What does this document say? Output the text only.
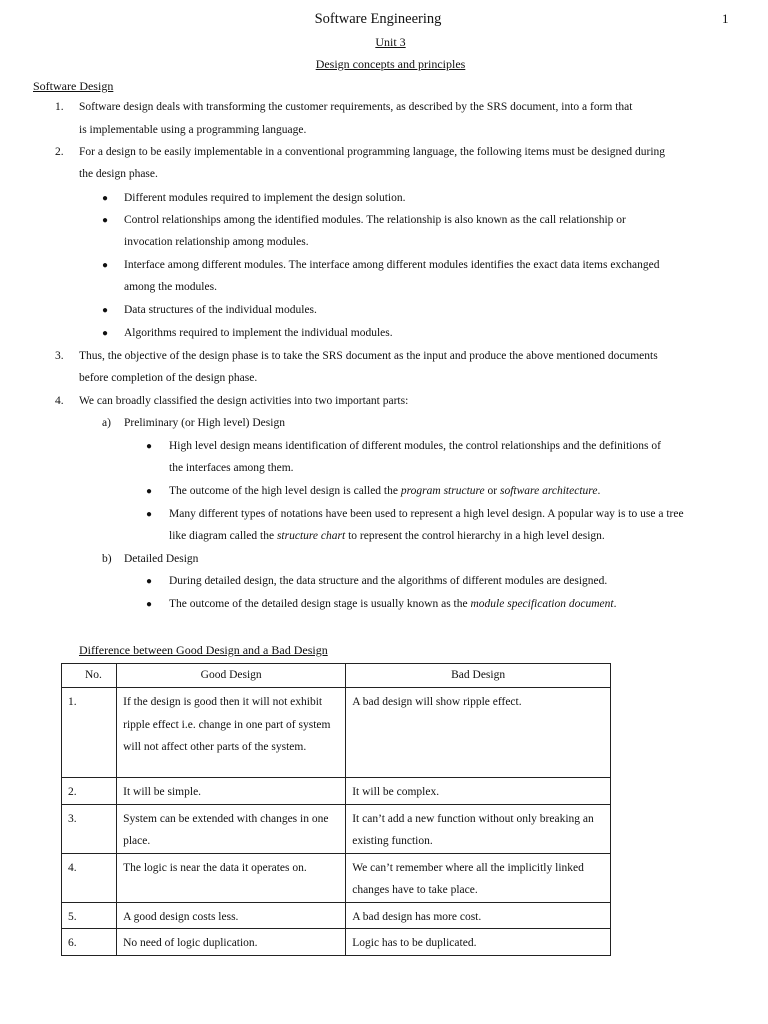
Software Engineering	1
Unit 3
Design concepts and principles
Software Design
1. Software design deals with transforming the customer requirements, as described by the SRS document, into a form that
is implementable using a programming language.
2. For a design to be easily implementable in a conventional programming language, the following items must be designed during
the design phase.
● Different modules required to implement the design solution.
● Control relationships among the identified modules. The relationship is also known as the call relationship or
invocation relationship among modules.
● Interface among different modules. The interface among different modules identifies the exact data items exchanged
among the modules.
● Data structures of the individual modules.
● Algorithms required to implement the individual modules.
3. Thus, the objective of the design phase is to take the SRS document as the input and produce the above mentioned documents
before completion of the design phase.
4. We can broadly classified the design activities into two important parts:
a) Preliminary (or High level) Design
● High level design means identification of different modules, the control relationships and the definitions of
the interfaces among them.
● The outcome of the high level design is called the program structure or software architecture.
● Many different types of notations have been used to represent a high level design. A popular way is to use a tree
like diagram called the structure chart to represent the control hierarchy in a high level design.
b) Detailed Design
● During detailed design, the data structure and the algorithms of different modules are designed.
● The outcome of the detailed design stage is usually known as the module specification document.
Difference between Good Design and a Bad Design
No.	Good Design	Bad Design
1.	If the design is good then it will not exhibit ripple effect i.e. change in one part of system will not affect other parts of the system.	A bad design will show ripple effect.
2.	It will be simple.	It will be complex.
3.	System can be extended with changes in one place.	It can’t add a new function without only breaking an existing function.
4.	The logic is near the data it operates on.	We can’t remember where all the implicitly linked changes have to take place.
5.	A good design costs less.	A bad design has more cost.
6.	No need of logic duplication.	Logic has to be duplicated.
